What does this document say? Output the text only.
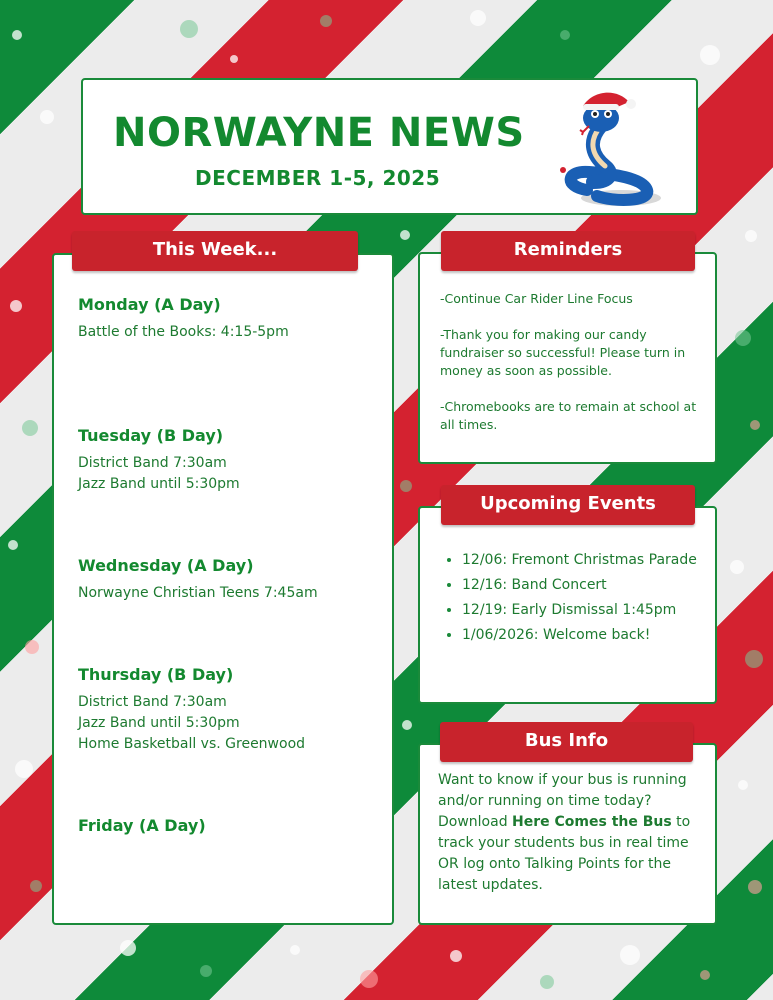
NORWAYNE NEWS
DECEMBER 1-5, 2025

Monday (A Day)

Battle of the Books: 4:15-5pm

Tuesday (B Day)

District Band 7:30am
Jazz Band until 5:30pm

Wednesday (A Day)

Norwayne Christian Teens 7:45am

Thursday (B Day)

District Band 7:30am
Jazz Band until 5:30pm
Home Basketball vs. Greenwood

Friday (A Day)

This Week...

-Continue Car Rider Line Focus

-Thank you for making our candy fundraiser so successful! Please turn in money as soon as possible.

-Chromebooks are to remain at school at all times.

Reminders
• 12/06: Fremont Christmas Parade
• 12/16: Band Concert
• 12/19: Early Dismissal 1:45pm
• 1/06/2026: Welcome back!
Upcoming Events

Want to know if your bus is running and/or running on time today? Download Here Comes the Bus to track your students bus in real time OR log onto Talking Points for the latest updates.

Bus Info
